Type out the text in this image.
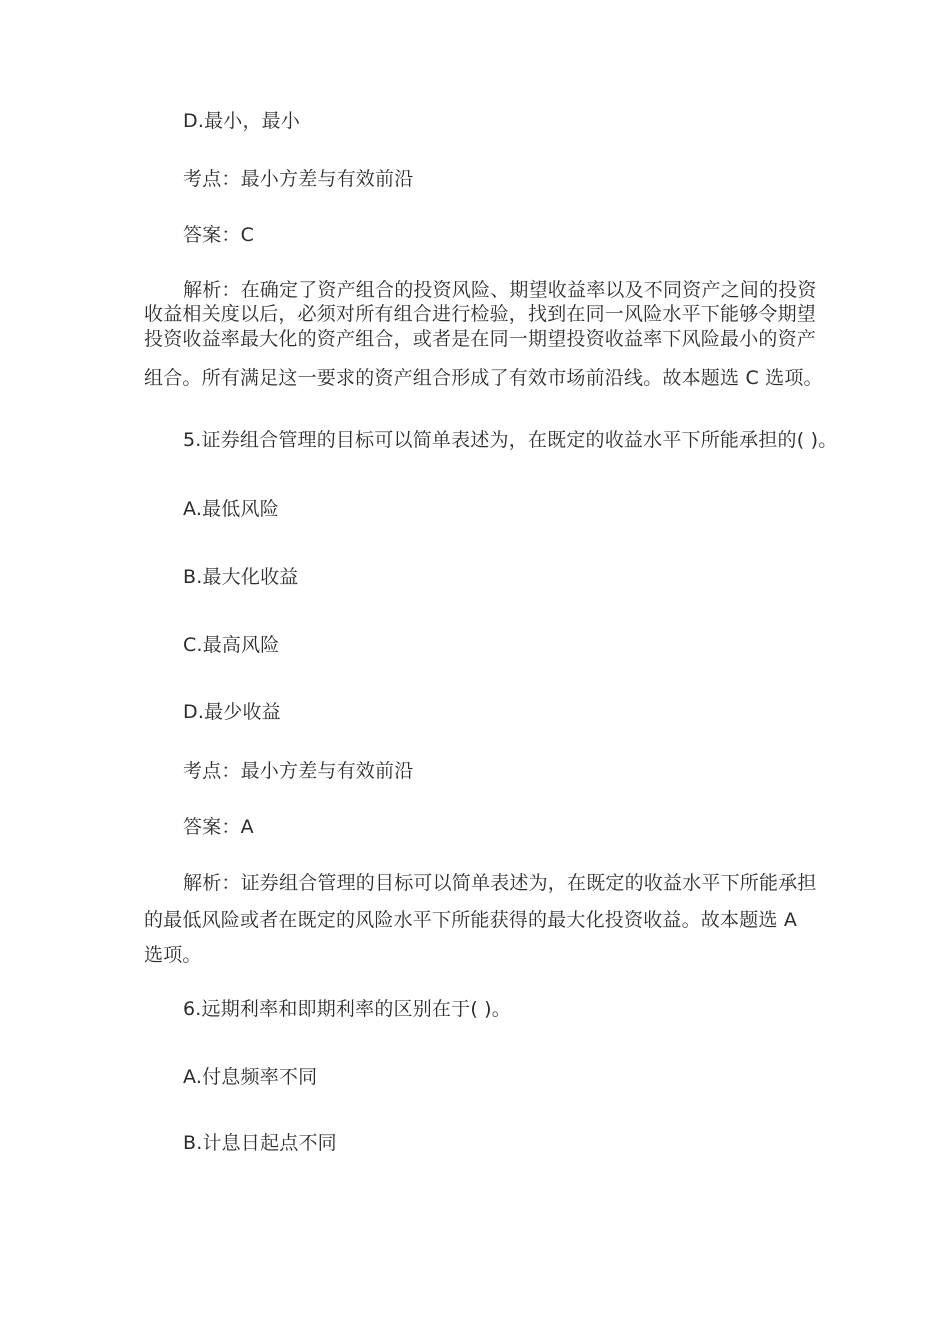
D.最小，最小
考点：最小方差与有效前沿
答案：C
解析：在确定了资产组合的投资风险、期望收益率以及不同资产之间的投资
收益相关度以后，必须对所有组合进行检验，找到在同一风险水平下能够令期望
投资收益率最大化的资产组合，或者是在同一期望投资收益率下风险最小的资产
组合。所有满足这一要求的资产组合形成了有效市场前沿线。故本题选 C 选项。
5.证券组合管理的目标可以简单表述为，在既定的收益水平下所能承担的( )。
A.最低风险
B.最大化收益
C.最高风险
D.最少收益
考点：最小方差与有效前沿
答案：A
解析：证券组合管理的目标可以简单表述为，在既定的收益水平下所能承担
的最低风险或者在既定的风险水平下所能获得的最大化投资收益。故本题选 A
选项。
6.远期利率和即期利率的区别在于( )。
A.付息频率不同
B.计息日起点不同
